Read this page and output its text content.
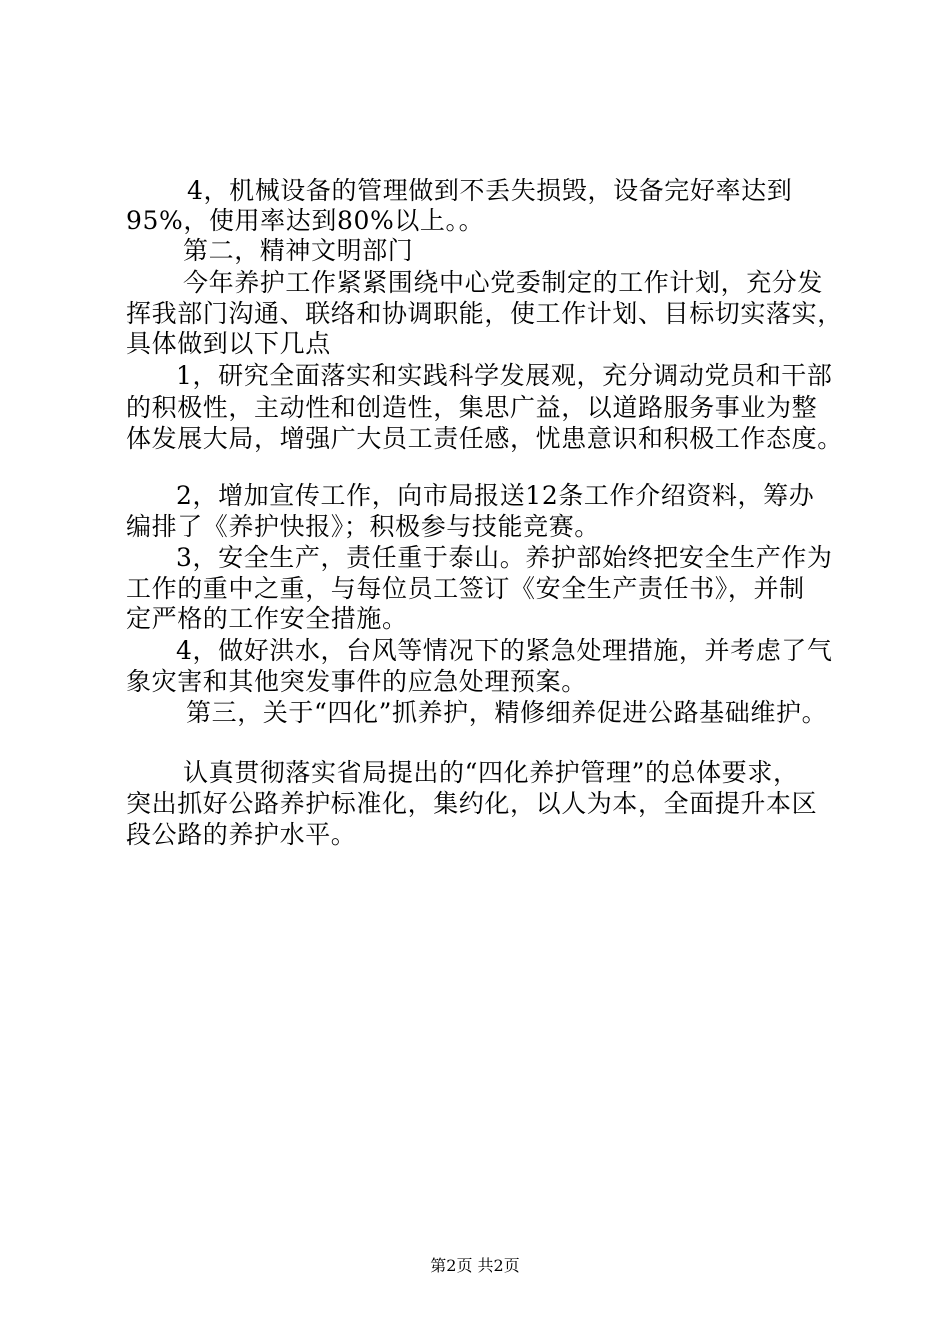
4，机械设备的管理做到不丢失损毁，设备完好率达到
95%，使用率达到80%以上。。
第二，精神文明部门
今年养护工作紧紧围绕中心党委制定的工作计划，充分发
挥我部门沟通、联络和协调职能，使工作计划、目标切实落实，
具体做到以下几点
1，研究全面落实和实践科学发展观，充分调动党员和干部
的积极性，主动性和创造性，集思广益，以道路服务事业为整
体发展大局，增强广大员工责任感，忧患意识和积极工作态度。
2，增加宣传工作，向市局报送12条工作介绍资料，筹办
编排了《养护快报》；积极参与技能竞赛。
3，安全生产，责任重于泰山。养护部始终把安全生产作为
工作的重中之重，与每位员工签订《安全生产责任书》，并制
定严格的工作安全措施。
4，做好洪水，台风等情况下的紧急处理措施，并考虑了气
象灾害和其他突发事件的应急处理预案。
第三，关于“四化”抓养护，精修细养促进公路基础维护。
认真贯彻落实省局提出的“四化养护管理”的总体要求，
突出抓好公路养护标准化，集约化，以人为本，全面提升本区
段公路的养护水平。
第2页 共2页
